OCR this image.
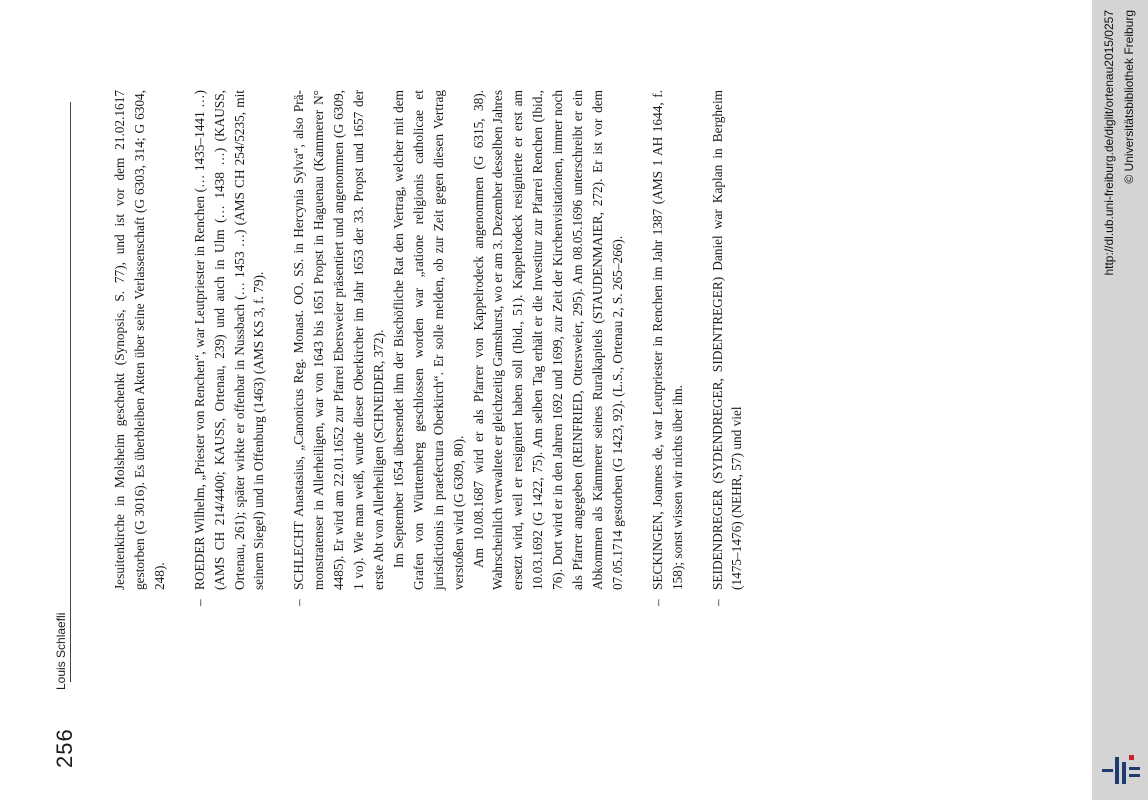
256
Louis Schlaefli

Jesuitenkirche in Molsheim geschenkt (Synopsis, S. 77), und ist vor dem 21.02.1617 gestorben (G 3016). Es überbleiben Akten über seine Verlassenschaft (G 6303, 314; G 6304, 248).

–

ROEDER Wilhelm, „Priester von Renchen“, war Leutpriester in Renchen (… 1435–1441 …) (AMS CH 214/4400; KAUSS, Ortenau, 239) und auch in Ulm (… 1438 …) (KAUSS, Ortenau, 261); später wirkte er offenbar in Nussbach (… 1453 …) (AMS CH 254/5235, mit seinem Siegel) und in Offenburg (1463) (AMS KS 3, f. 79).

–

SCHLECHT Anastasius, „Canonicus Reg. Monast. OO. SS. in Hercynia Sylva“, also Prä-monstratenser in Allerheiligen, war von 1643 bis 1651 Propst in Haguenau (Kammerer N° 4485). Er wird am 22.01.1652 zur Pfarrei Ebersweier präsentiert und angenommen (G 6309, 1 vo). Wie man weiß, wurde dieser Oberkircher im Jahr 1653 der 33. Propst und 1657 der erste Abt von Allerheiligen (SCHNEIDER, 372). Im September 1654 übersendet ihm der Bischöfliche Rat den Vertrag, welcher mit dem Grafen von Württemberg geschlossen worden war „ratione religionis catholicae et jurisdictionis in praefectura Oberkirch“. Er solle melden, ob zur Zeit gegen diesen Vertrag verstoßen wird (G 6309, 80). Am 10.08.1687 wird er als Pfarrer von Kappelrodeck angenommen (G 6315, 38). Wahrscheinlich verwaltete er gleichzeitig Gamshurst, wo er am 3. Dezember desselben Jahres ersetzt wird, weil er resigniert haben soll (Ibid., 51). Kappelrodeck resignierte er erst am 10.03.1692 (G 1422, 75). Am selben Tag erhält er die Investitur zur Pfarrei Renchen (Ibid., 76). Dort wird er in den Jahren 1692 und 1699, zur Zeit der Kirchenvisitationen, immer noch als Pfarrer angegeben (REINFRIED, Ottersweier, 295). Am 08.05.1696 unterschreibt er ein Abkommen als Kämmerer seines Ruralkapitels (STAUDENMAIER, 272). Er ist vor dem 07.05.1714 gestorben (G 1423, 92). (L.S., Ortenau 2, S. 265–266).

–

SECKINGEN, Joannes de, war Leutpriester in Renchen im Jahr 1387 (AMS 1 AH 1644, f. 158); sonst wissen wir nichts über ihn.

–

SEIDENDREGER (SYDENDREGER, SIDENTREGER) Daniel war Kaplan in Bergheim (1475–1476) (NEHR, 57) und viel

http://dl.ub.uni-freiburg.de/diglit/ortenau2015/0257 © Universitätsbibliothek Freiburg
